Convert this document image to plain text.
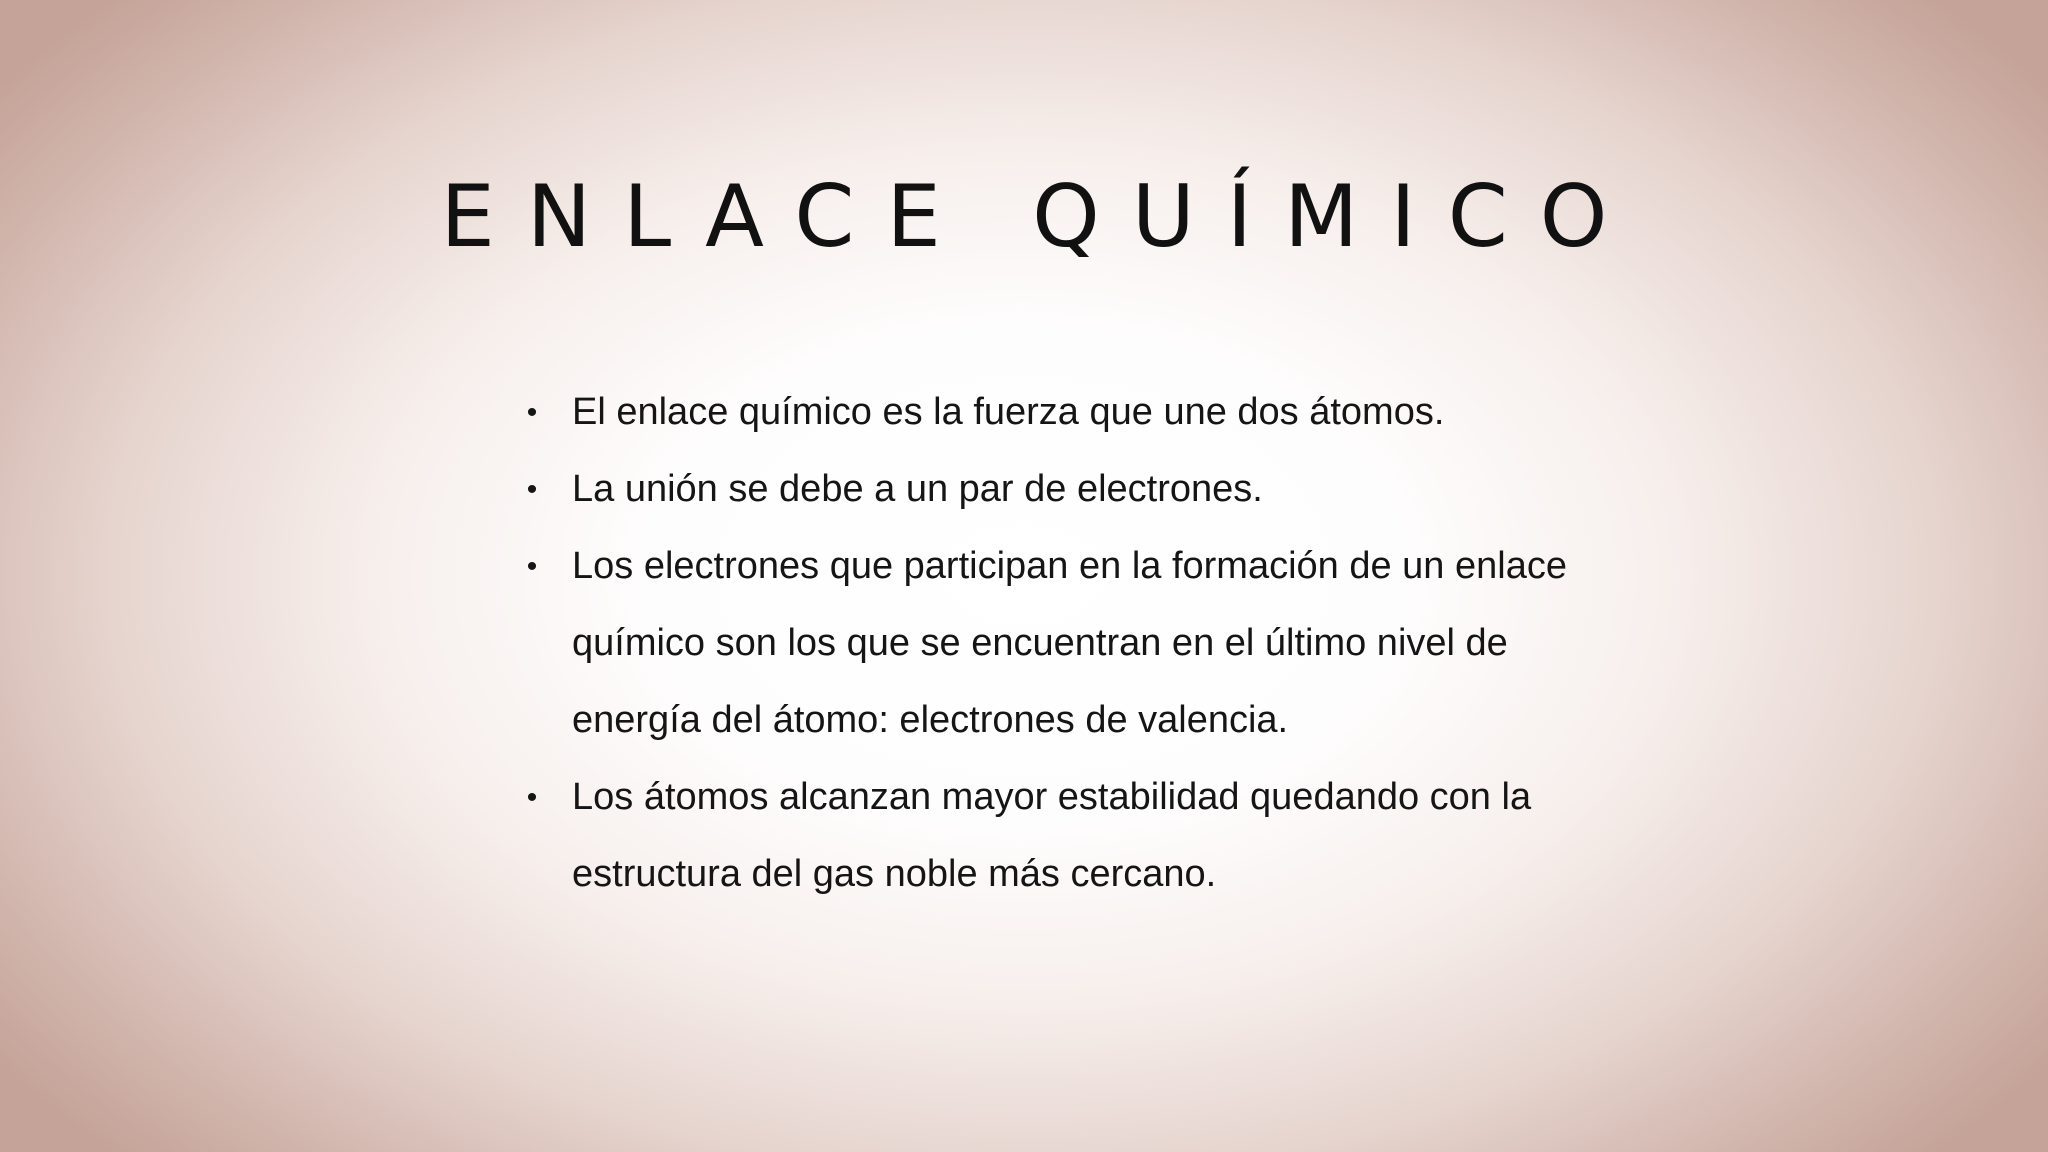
ENLACE QUÍMICO
• El enlace químico es la fuerza que une dos átomos.
• La unión se debe a un par de electrones.
• Los electrones que participan en la formación de un enlace químico son los que se encuentran en el último nivel de energía del átomo: electrones de valencia.
• Los átomos alcanzan mayor estabilidad quedando con la estructura del gas noble más cercano.
